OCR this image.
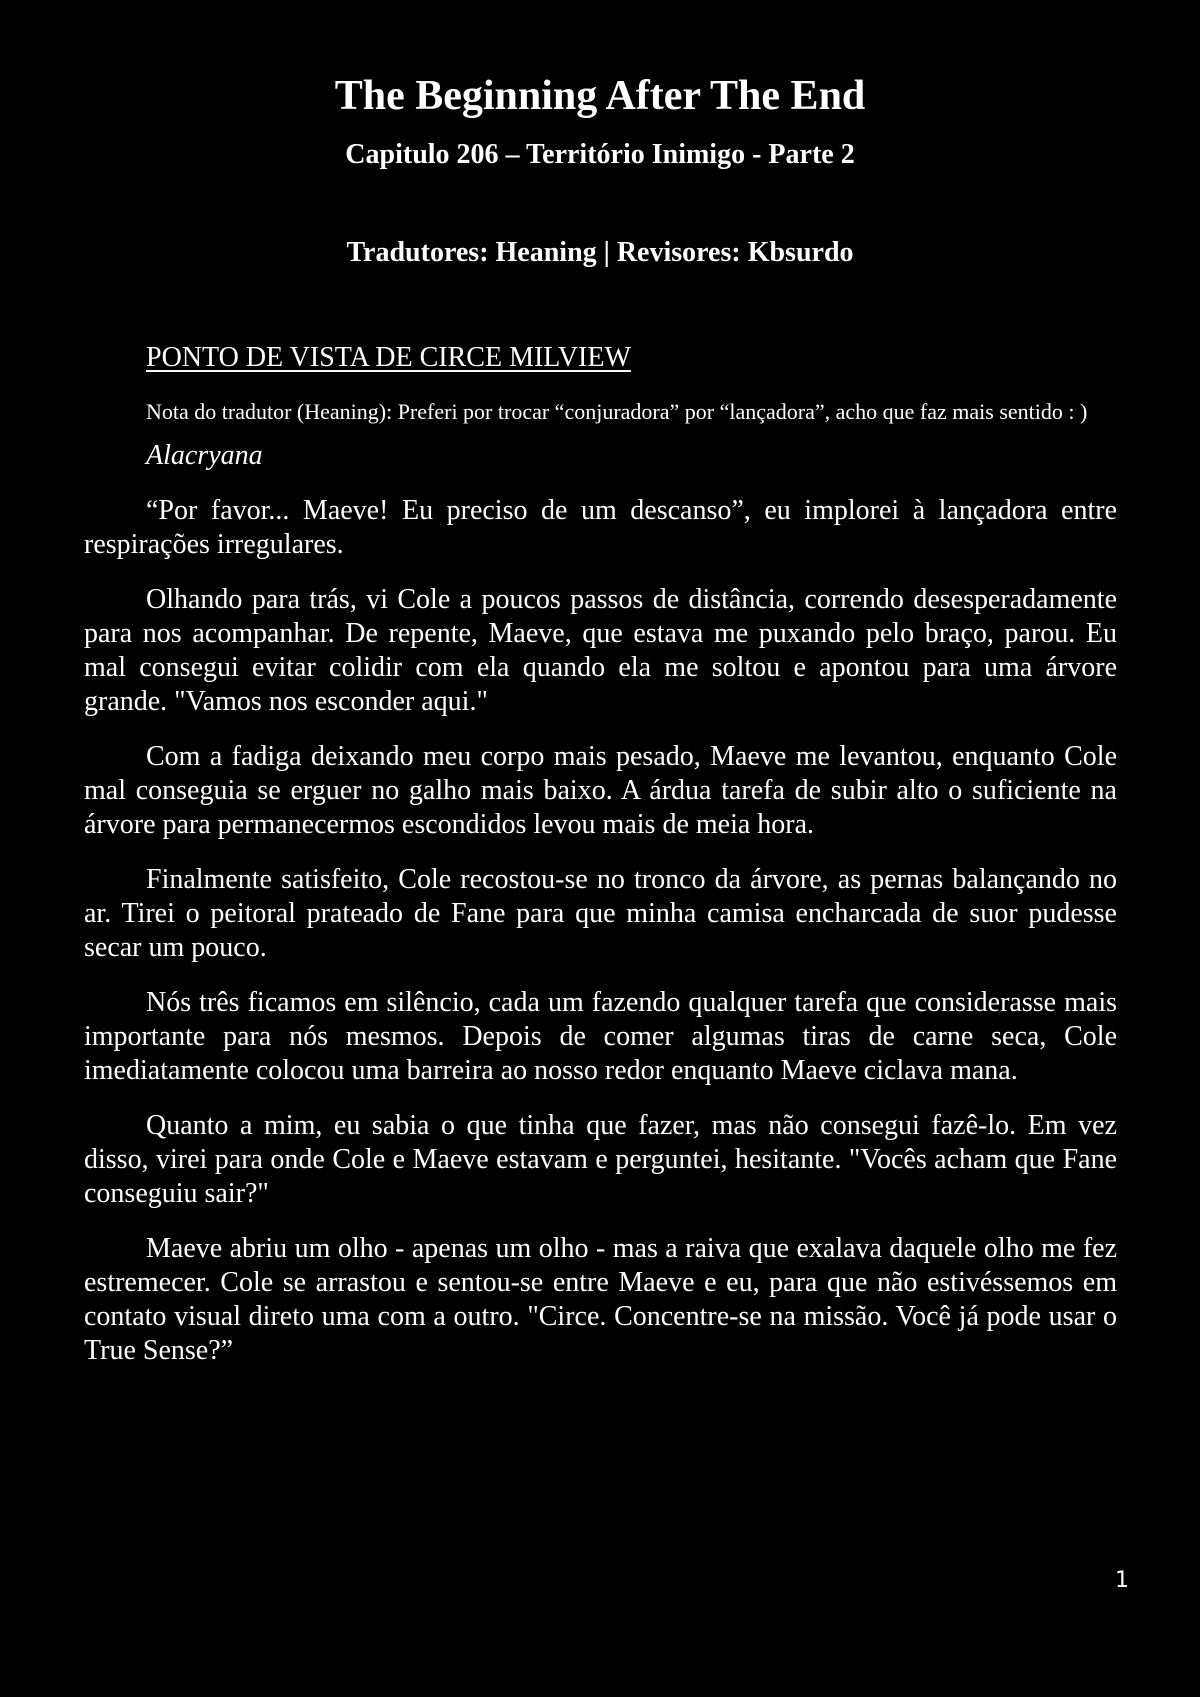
The Beginning After The End
Capitulo 206 – Território Inimigo - Parte 2

Tradutores: Heaning | Revisores: Kbsurdo

PONTO DE VISTA DE CIRCE MILVIEW

Nota do tradutor (Heaning): Preferi por trocar “conjuradora” por “lançadora”, acho que faz mais sentido : )

Alacryana

“Por favor... Maeve! Eu preciso de um descanso”, eu implorei à lançadora entre respirações irregulares.

Olhando para trás, vi Cole a poucos passos de distância, correndo desesperadamente para nos acompanhar. De repente, Maeve, que estava me puxando pelo braço, parou. Eu mal consegui evitar colidir com ela quando ela me soltou e apontou para uma árvore grande. "Vamos nos esconder aqui."

Com a fadiga deixando meu corpo mais pesado, Maeve me levantou, enquanto Cole mal conseguia se erguer no galho mais baixo. A árdua tarefa de subir alto o suficiente na árvore para permanecermos escondidos levou mais de meia hora.

Finalmente satisfeito, Cole recostou-se no tronco da árvore, as pernas balançando no ar. Tirei o peitoral prateado de Fane para que minha camisa encharcada de suor pudesse secar um pouco.

Nós três ficamos em silêncio, cada um fazendo qualquer tarefa que considerasse mais importante para nós mesmos. Depois de comer algumas tiras de carne seca, Cole imediatamente colocou uma barreira ao nosso redor enquanto Maeve ciclava mana.

Quanto a mim, eu sabia o que tinha que fazer, mas não consegui fazê-lo. Em vez disso, virei para onde Cole e Maeve estavam e perguntei, hesitante. "Vocês acham que Fane conseguiu sair?"

Maeve abriu um olho - apenas um olho - mas a raiva que exalava daquele olho me fez estremecer. Cole se arrastou e sentou-se entre Maeve e eu, para que não estivéssemos em contato visual direto uma com a outro. "Circe. Concentre-se na missão. Você já pode usar o True Sense?”

1
